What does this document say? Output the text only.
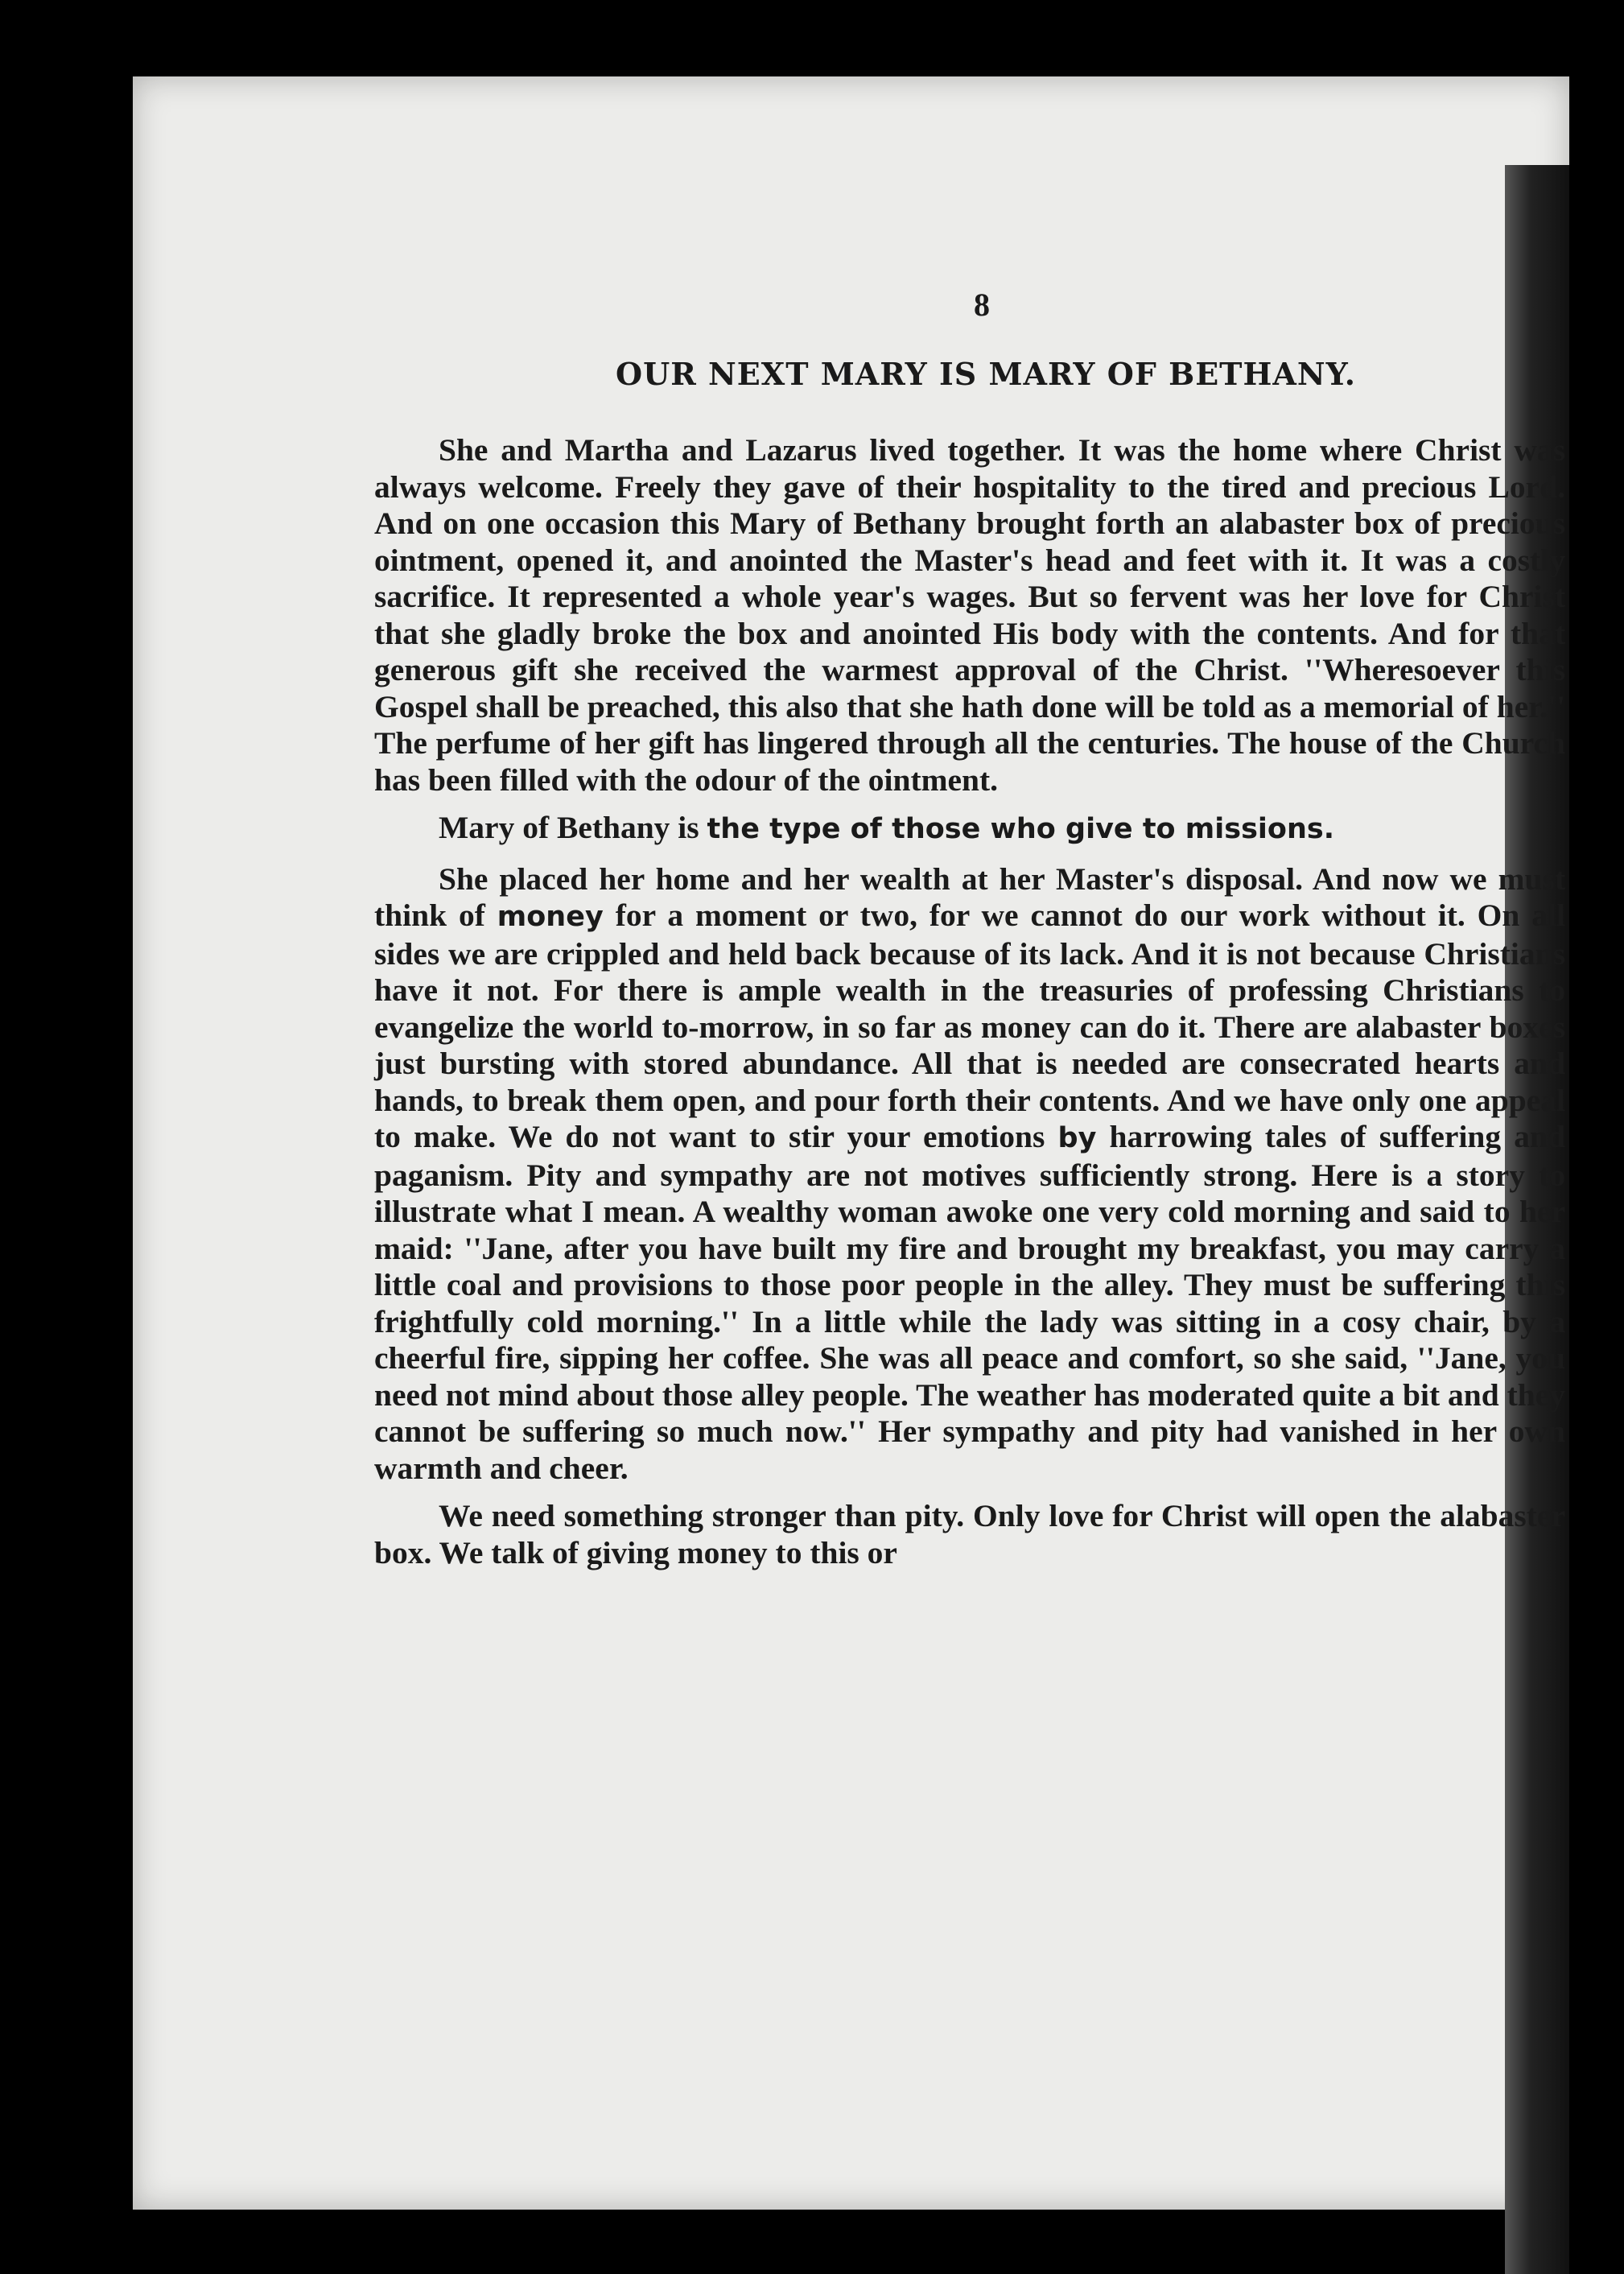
8
OUR NEXT MARY IS MARY OF BETHANY.

She and Martha and Lazarus lived together. It was the home where Christ was always welcome. Freely they gave of their hospitality to the tired and precious Lord. And on one occasion this Mary of Bethany brought forth an alabaster box of precious ointment, opened it, and anointed the Master's head and feet with it. It was a costly sacrifice. It represented a whole year's wages. But so fervent was her love for Christ that she gladly broke the box and anointed His body with the contents. And for that generous gift she received the warmest approval of the Christ. ''Wheresoever this Gospel shall be preached, this also that she hath done will be told as a memorial of her.'' The perfume of her gift has lingered through all the centuries. The house of the Church has been filled with the odour of the ointment.

Mary of Bethany is the type of those who give to missions.

She placed her home and her wealth at her Master's disposal. And now we must think of money for a moment or two, for we cannot do our work without it. On all sides we are crippled and held back because of its lack. And it is not because Christians have it not. For there is ample wealth in the treasuries of professing Christians to evangelize the world to-morrow, in so far as money can do it. There are alabaster boxes just bursting with stored abundance. All that is needed are consecrated hearts and hands, to break them open, and pour forth their contents. And we have only one appeal to make. We do not want to stir your emotions by harrowing tales of suffering and paganism. Pity and sympathy are not motives sufficiently strong. Here is a story to illustrate what I mean. A wealthy woman awoke one very cold morning and said to her maid: ''Jane, after you have built my fire and brought my breakfast, you may carry a little coal and provisions to those poor people in the alley. They must be suffering this frightfully cold morning.'' In a little while the lady was sitting in a cosy chair, by a cheerful fire, sipping her coffee. She was all peace and comfort, so she said, ''Jane, you need not mind about those alley people. The weather has moderated quite a bit and they cannot be suffering so much now.'' Her sympathy and pity had vanished in her own warmth and cheer.

We need something stronger than pity. Only love for Christ will open the alabaster box. We talk of giving money to this or
